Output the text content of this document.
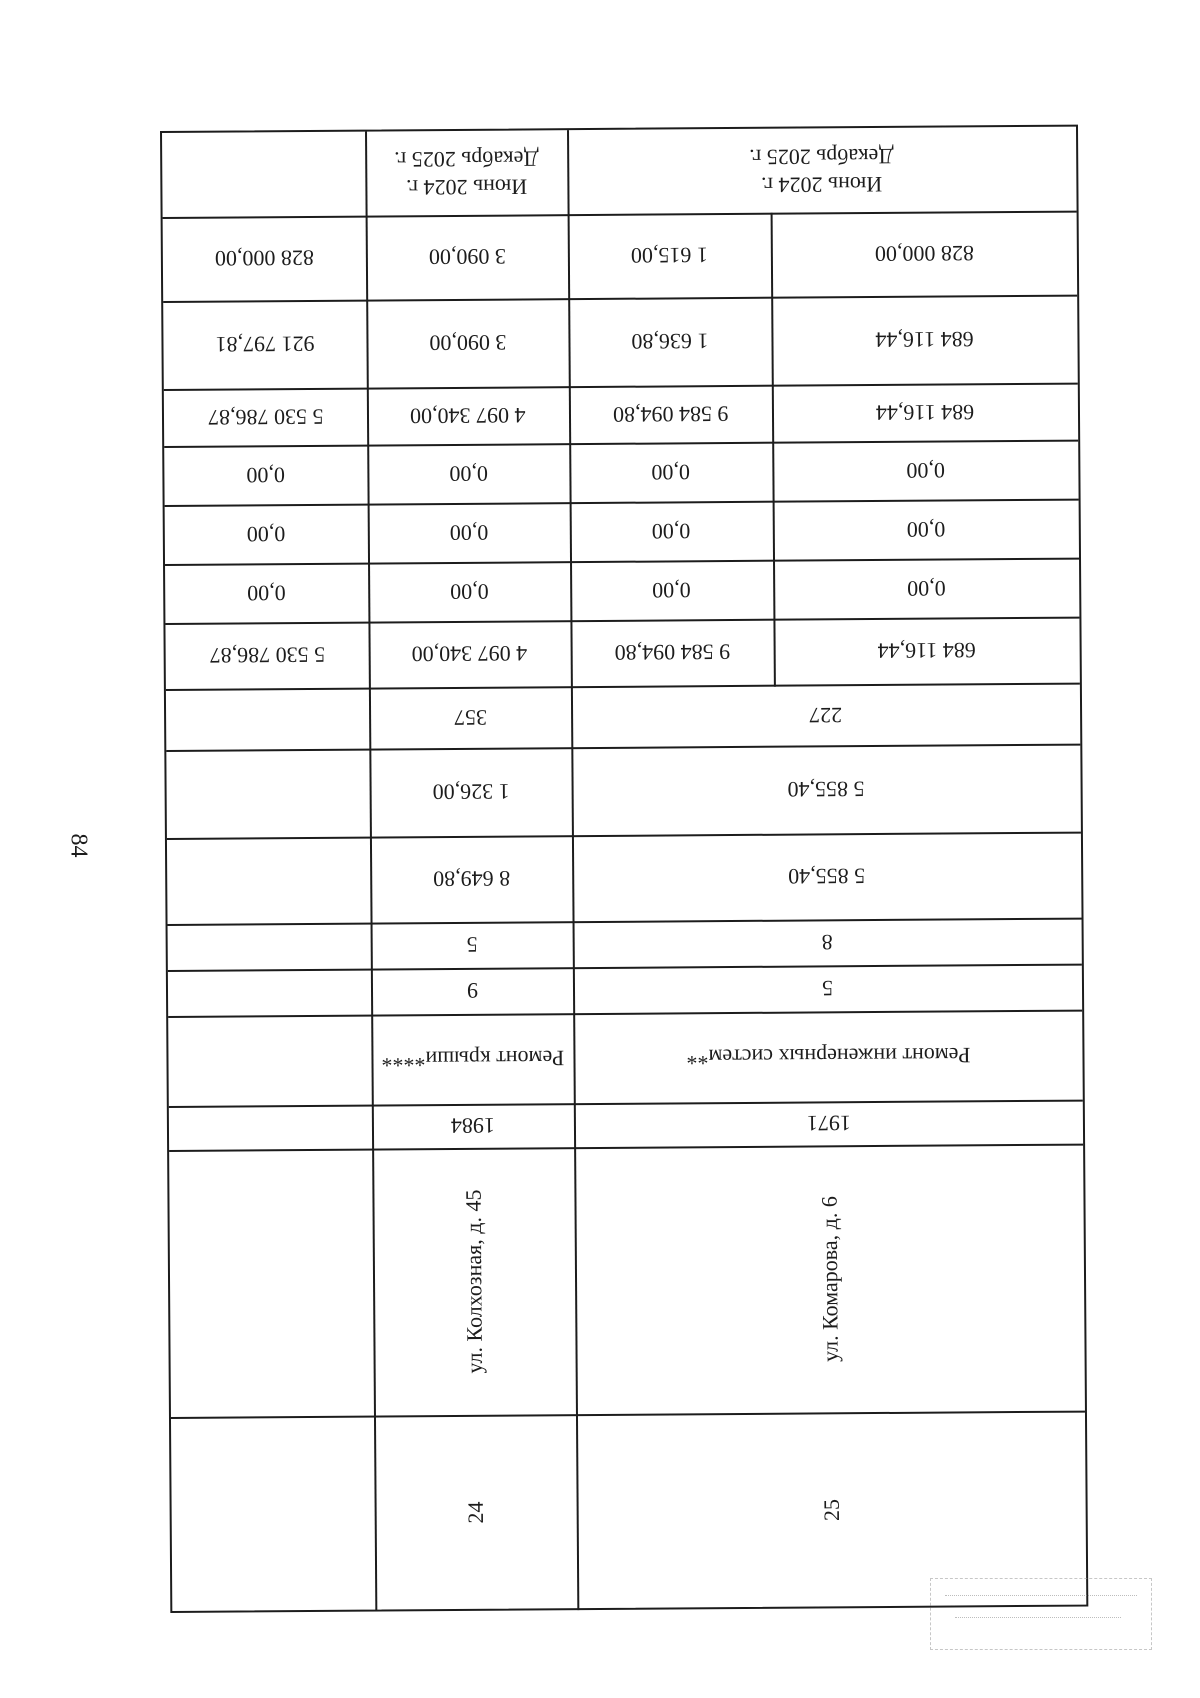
84
Июнь 2024 г.
Декабрь 2025 г.
Июнь 2024 г.
Декабрь 2025 г.
828 000,00	3 090,00	1 615,00	828 000,00
921 797,81	3 090,00	1 636,80	684 116,44
5 530 786,87	4 097 340,00	9 584 094,80	684 116,44
0,00	0,00	0,00	0,00
0,00	0,00	0,00	0,00
0,00	0,00	0,00	0,00
5 530 786,87	4 097 340,00	9 584 094,80	684 116,44
357	227
1 326,00	5 855,40
8 649,80	5 855,40
5	8
9	5
Ремонт крыши****	Ремонт инженерных систем**
1984	1971
ул. Колхозная, д. 45	ул. Комарова, д. 6
24	25
